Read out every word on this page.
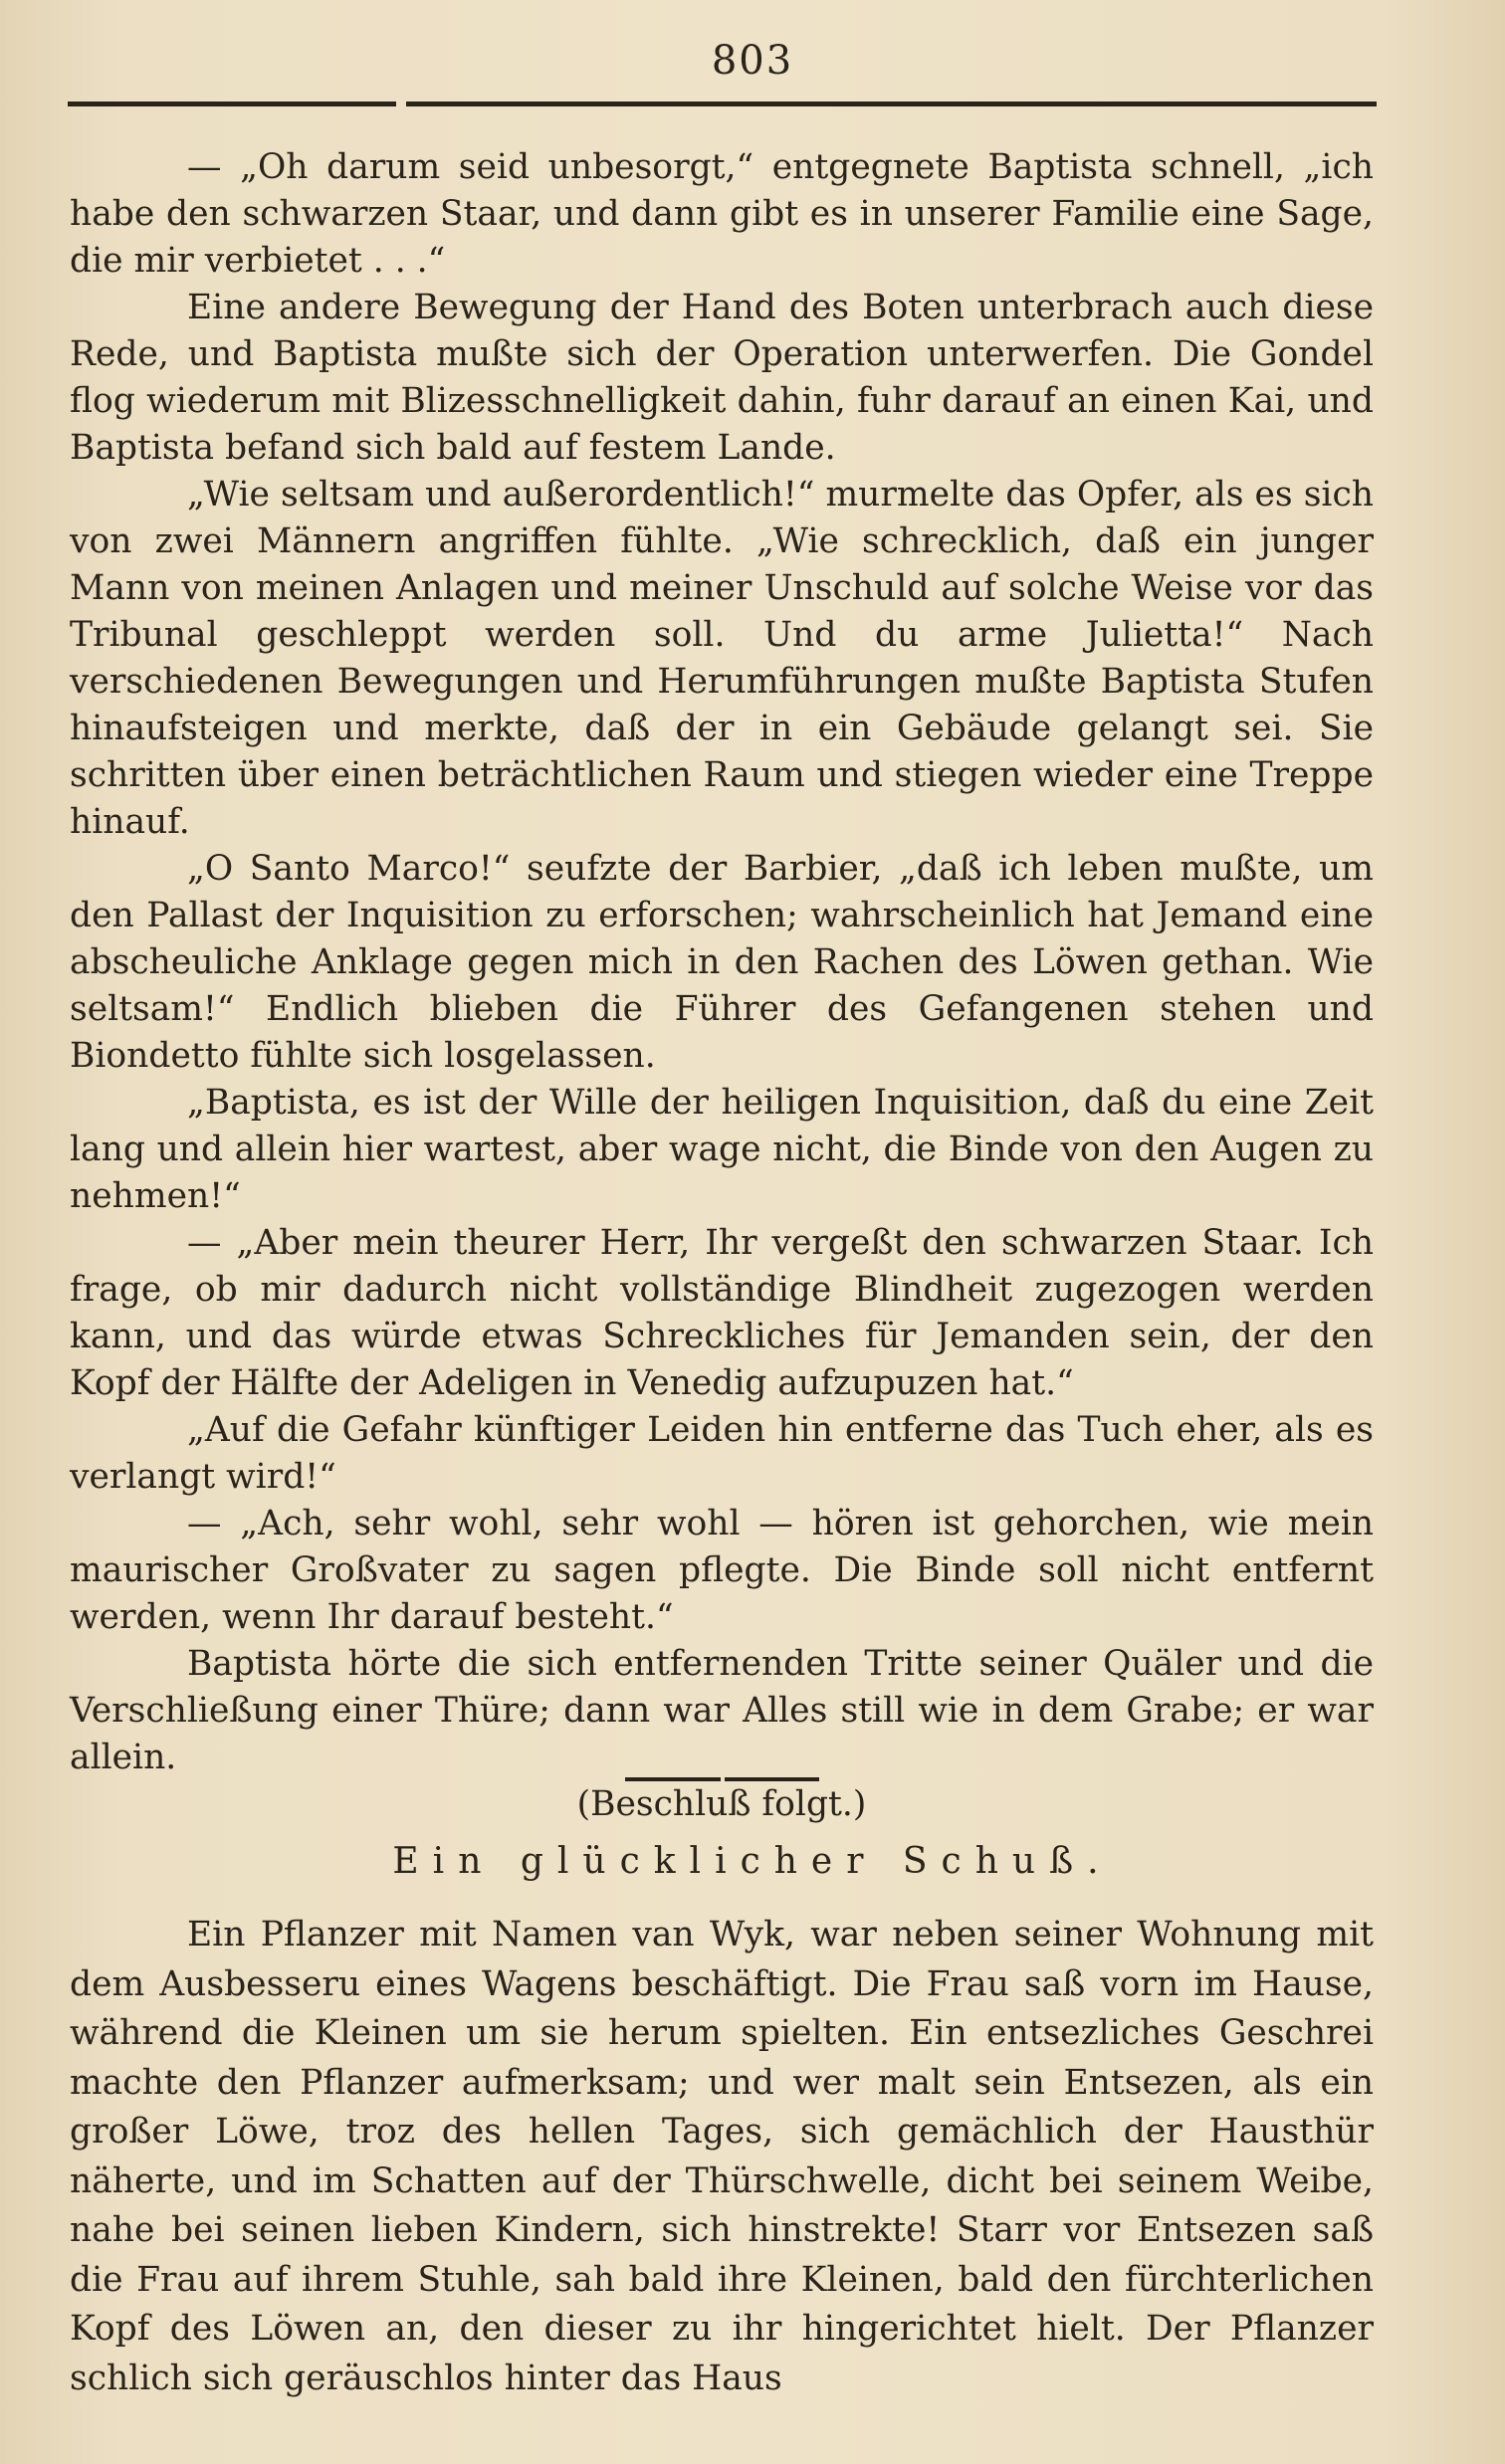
803

— „Oh darum seid unbesorgt,“ entgegnete Baptista schnell, „ich habe den schwarzen Staar, und dann gibt es in unserer Familie eine Sage, die mir verbietet . . .“

Eine andere Bewegung der Hand des Boten unterbrach auch diese Rede, und Baptista mußte sich der Operation unterwerfen. Die Gondel flog wiederum mit Blizesschnelligkeit dahin, fuhr darauf an einen Kai, und Baptista befand sich bald auf festem Lande.

„Wie seltsam und außerordentlich!“ murmelte das Opfer, als es sich von zwei Männern angriffen fühlte. „Wie schrecklich, daß ein junger Mann von meinen Anlagen und meiner Unschuld auf solche Weise vor das Tribunal geschleppt werden soll. Und du arme Julietta!“ Nach verschiedenen Bewegungen und Herumführungen mußte Baptista Stufen hinaufsteigen und merkte, daß der in ein Gebäude gelangt sei. Sie schritten über einen beträchtlichen Raum und stiegen wieder eine Treppe hinauf.

„O Santo Marco!“ seufzte der Barbier, „daß ich leben mußte, um den Pallast der Inquisition zu erforschen; wahrscheinlich hat Jemand eine abscheuliche Anklage gegen mich in den Rachen des Löwen gethan. Wie seltsam!“ Endlich blieben die Führer des Gefangenen stehen und Biondetto fühlte sich losgelassen.

„Baptista, es ist der Wille der heiligen Inquisition, daß du eine Zeit lang und allein hier wartest, aber wage nicht, die Binde von den Augen zu nehmen!“

— „Aber mein theurer Herr, Ihr vergeßt den schwarzen Staar. Ich frage, ob mir dadurch nicht vollständige Blindheit zugezogen werden kann, und das würde etwas Schreckliches für Jemanden sein, der den Kopf der Hälfte der Adeligen in Venedig aufzupuzen hat.“

„Auf die Gefahr künftiger Leiden hin entferne das Tuch eher, als es verlangt wird!“

— „Ach, sehr wohl, sehr wohl — hören ist gehorchen, wie mein maurischer Großvater zu sagen pflegte. Die Binde soll nicht entfernt werden, wenn Ihr darauf besteht.“

Baptista hörte die sich entfernenden Tritte seiner Quäler und die Verschließung einer Thüre; dann war Alles still wie in dem Grabe; er war allein.

(Beschluß folgt.)

Ein glücklicher Schuß.

Ein Pflanzer mit Namen van Wyk, war neben seiner Wohnung mit dem Ausbesseru eines Wagens beschäftigt. Die Frau saß vorn im Hause, während die Kleinen um sie herum spielten. Ein entsezliches Geschrei machte den Pflanzer aufmerksam; und wer malt sein Entsezen, als ein großer Löwe, troz des hellen Tages, sich gemächlich der Hausthür näherte, und im Schatten auf der Thürschwelle, dicht bei seinem Weibe, nahe bei seinen lieben Kindern, sich hinstrekte! Starr vor Entsezen saß die Frau auf ihrem Stuhle, sah bald ihre Kleinen, bald den fürchterlichen Kopf des Löwen an, den dieser zu ihr hingerichtet hielt. Der Pflanzer schlich sich geräuschlos hinter das Haus
